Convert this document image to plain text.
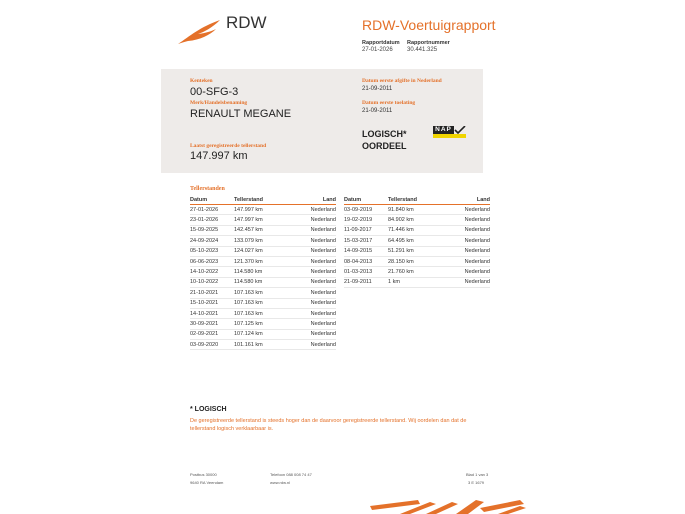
RDW	RDW-Voertuigrapport
Rapportdatum
27-01-2026
Rapportnummer
30.441.325
Kenteken
00-SFG-3
Merk/Handelsbenaming
RENAULT MEGANE
Laatst geregistreerde tellerstand
147.997 km
Datum eerste afgifte in Nederland
21-09-2011
Datum eerste toelating
21-09-2011
LOGISCH*
OORDEEL
NAP
Tellerstanden
Datum	Tellerstand	Land
27-01-2026	147.997 km	Nederland
23-01-2026	147.997 km	Nederland
15-09-2025	142.457 km	Nederland
24-09-2024	133.079 km	Nederland
05-10-2023	124.027 km	Nederland
06-06-2023	121.370 km	Nederland
14-10-2022	114.580 km	Nederland
10-10-2022	114.580 km	Nederland
21-10-2021	107.163 km	Nederland
15-10-2021	107.163 km	Nederland
14-10-2021	107.163 km	Nederland
30-09-2021	107.125 km	Nederland
02-09-2021	107.124 km	Nederland
03-09-2020	101.161 km	Nederland
Datum	Tellerstand	Land
03-09-2019	91.840 km	Nederland
19-02-2019	84.902 km	Nederland
11-09-2017	71.446 km	Nederland
15-03-2017	64.495 km	Nederland
14-09-2015	51.291 km	Nederland
08-04-2013	28.150 km	Nederland
01-03-2013	21.760 km	Nederland
21-09-2011	1 km	Nederland
* LOGISCH
De geregistreerde tellerstand is steeds hoger dan de daarvoor geregistreerde tellerstand. Wij oordelen dan dat de tellerstand logisch verklaarbaar is.
Postbus 30000
9640 RA Veendam
Telefoon 088 008 74 47
www.rdw.nl
Blad 1 van 3
3 E 1679
